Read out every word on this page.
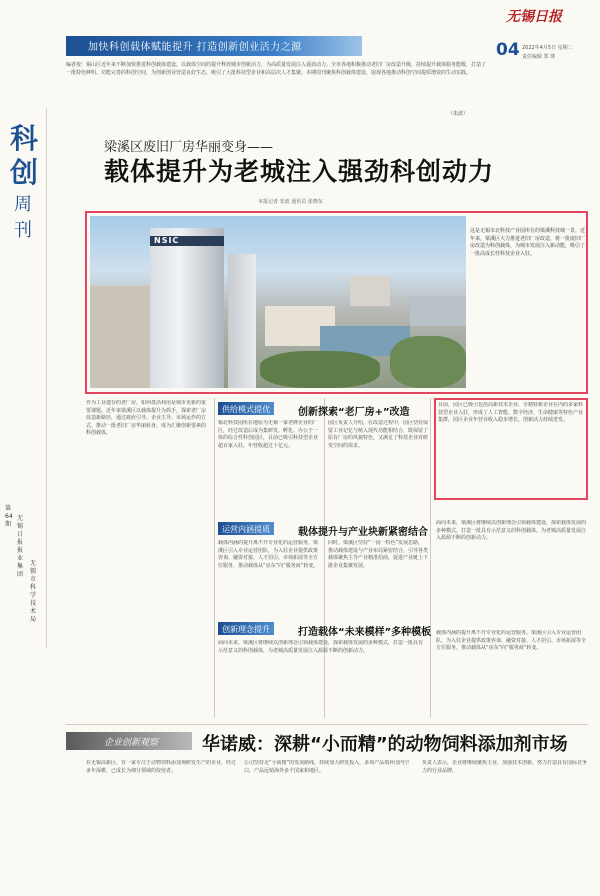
无锡日报
04 2022年4月5日 星期二
责任编辑 郑 瑛
加快科创载体赋能提升 打造创新创业活力之源
编者按：锡山区近年来不断加快推进科创载体建设，以载体空间的提升释放城市创新活力，为高质量发展注入强劲动力。全市各地积极推动老旧厂房改造升级，持续提升载体服务能级，打造了一批特色鲜明、功能完善的科创空间，为创新创业营造良好生态，吸引了大批科技型企业和高层次人才集聚。本期周刊聚焦科创载体建设，展现各地推动科创空间提质增效的生动实践。
（朱波）
科创
周刊
第64期
无锡日报报业集团
无锡市科学技术局
梁溪区废旧厂房华丽变身——
载体提升为老城注入强劲科创动力
本报记者 朱波 通讯员 张晓东
NSIC
这是无锡市北科技产业园所在的梁溪科技城一景。近年来，梁溪区大力推进老旧厂房改造，将一批废旧厂房改造为科创载体，为城市发展注入新动能，吸引了一批高成长性科技企业入驻。
作为工业遗存的老厂房，如何盘活利用是城市更新的重要课题。近年来梁溪区以载体提升为抓手，探索老厂房改造新路径，通过政府引导、企业主导、市场运作的方式，推动一批老旧厂房华丽转身，成为汇聚创新要素的科创载体。
供给模式提优	创新探索“老厂房+”改造
锡北科技园所在地原为无锡一家老牌企业的厂区，经过改造后成为集研发、孵化、办公于一体的综合性科创园区，目前已吸引科技型企业超百家入驻，年营收超过十亿元。
园区负责人介绍，在改造过程中，园区坚持保留工业记忆与植入现代功能相结合，既保留了原有厂房的风貌特色，又满足了科技企业对研发空间的需求。
目前，园区已吸引包括高新技术企业、专精特新企业在内的多家科技型企业入驻，形成了人工智能、数字经济、生命健康等特色产业集群，园区企业年营业收入稳步增长，创新活力持续迸发。
运营内涵提质	载体提升与产业块新紧密结合
载体内涵的提升离不开专业化的运营服务。梁溪区引入专业运营团队，为入驻企业提供政策咨询、融资对接、人才招引、市场拓展等全方位服务，推动载体从“房东”向“服务商”转变。
同时，梁溪区坚持“一园一特色”发展思路，推动载体建设与产业布局紧密结合，引导各类载体聚焦主导产业精准招商，促进产业链上下游企业集聚发展。
面向未来，梁溪区将继续以创新理念引领载体建设，探索载体发展的多种模式，打造一批具有示范意义的科创载体，为老城高质量发展注入源源不断的创新动力。
创新理念提升	打造载体“未来模样”多种模板
面向未来，梁溪区将继续以创新理念引领载体建设，探索载体发展的多种模式，打造一批具有示范意义的科创载体，为老城高质量发展注入源源不断的创新动力。
载体内涵的提升离不开专业化的运营服务。梁溪区引入专业运营团队，为入驻企业提供政策咨询、融资对接、人才招引、市场拓展等全方位服务，推动载体从“房东”向“服务商”转变。
企业创新观察 华诺威：深耕“小而精”的动物饲料添加剂市场
在无锡高新区，有一家专注于动物饲料添加剂研发生产的企业，经过多年深耕，已成长为细分领域的佼佼者。
公司坚持走“小而精”的发展路线，持续加大研发投入，多项产品填补国内空白，产品远销海外多个国家和地区。
负责人表示，企业将继续聚焦主业，加强技术创新，努力打造具有国际竞争力的行业品牌。
